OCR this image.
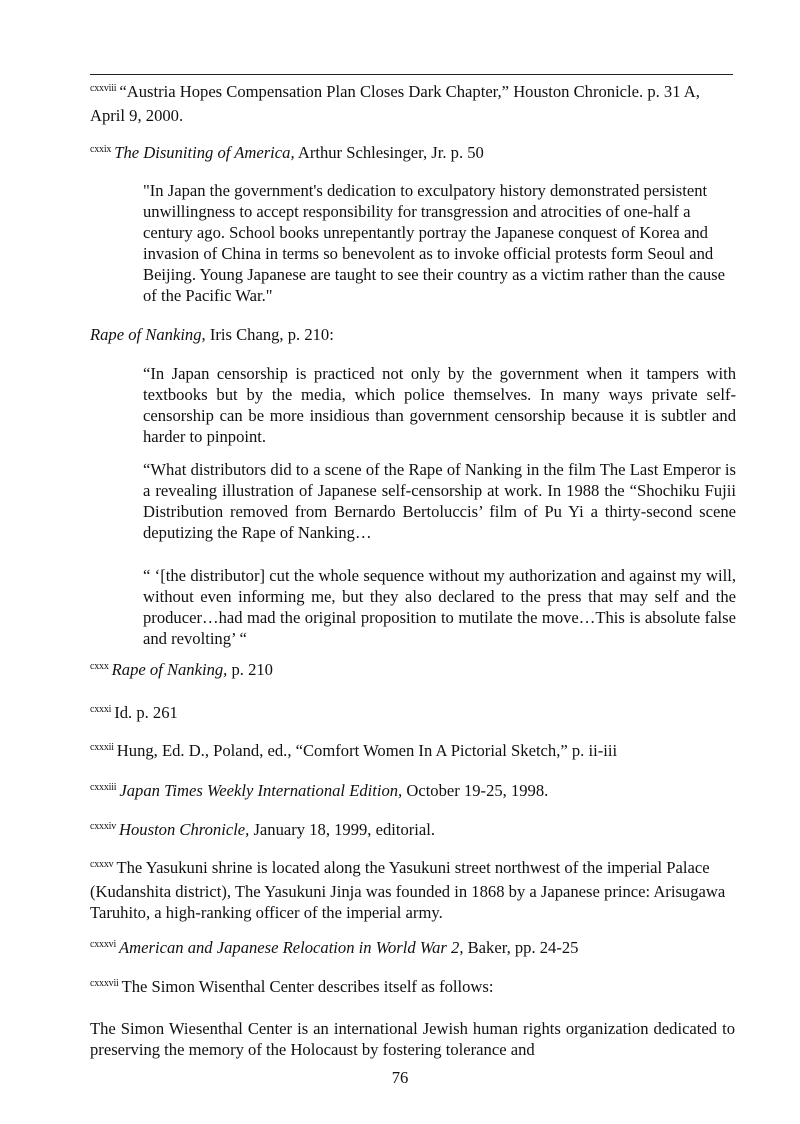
$^{cxxviii}$ “Austria Hopes Compensation Plan Closes Dark Chapter,” Houston Chronicle. p. 31 A, April 9, 2000.

$^{cxxix}$ The Disuniting of America, Arthur Schlesinger, Jr. p. 50

"In Japan the government's dedication to exculpatory history demonstrated persistent unwillingness to accept responsibility for transgression and atrocities of one-half a century ago. School books unrepentantly portray the Japanese conquest of Korea and invasion of China in terms so benevolent as to invoke official protests form Seoul and Beijing. Young Japanese are taught to see their country as a victim rather than the cause of the Pacific War."

Rape of Nanking, Iris Chang, p. 210:

“In Japan censorship is practiced not only by the government when it tampers with textbooks but by the media, which police themselves. In many ways private self-censorship can be more insidious than government censorship because it is subtler and harder to pinpoint.

“What distributors did to a scene of the Rape of Nanking in the film The Last Emperor is a revealing illustration of Japanese self-censorship at work. In 1988 the “Shochiku Fujii Distribution removed from Bernardo Bertoluccis’ film of Pu Yi a thirty-second scene deputizing the Rape of Nanking…

“ ‘[the distributor] cut the whole sequence without my authorization and against my will, without even informing me, but they also declared to the press that may self and the producer…had mad the original proposition to mutilate the move…This is absolute false and revolting’ “

$^{cxxx}$ Rape of Nanking, p. 210

$^{cxxxi}$ Id. p. 261

$^{cxxxii}$ Hung, Ed. D., Poland, ed., “Comfort Women In A Pictorial Sketch,” p. ii-iii

$^{cxxxiii}$ Japan Times Weekly International Edition, October 19-25, 1998.

$^{cxxxiv}$ Houston Chronicle, January 18, 1999, editorial.

$^{cxxxv}$ The Yasukuni shrine is located along the Yasukuni street northwest of the imperial Palace (Kudanshita district), The Yasukuni Jinja was founded in 1868 by a Japanese prince: Arisugawa Taruhito, a high-ranking officer of the imperial army.

$^{cxxxvi}$ American and Japanese Relocation in World War 2, Baker, pp. 24-25

$^{cxxxvii}$ The Simon Wisenthal Center describes itself as follows:

The Simon Wiesenthal Center is an international Jewish human rights organization dedicated to preserving the memory of the Holocaust by fostering tolerance and

76
